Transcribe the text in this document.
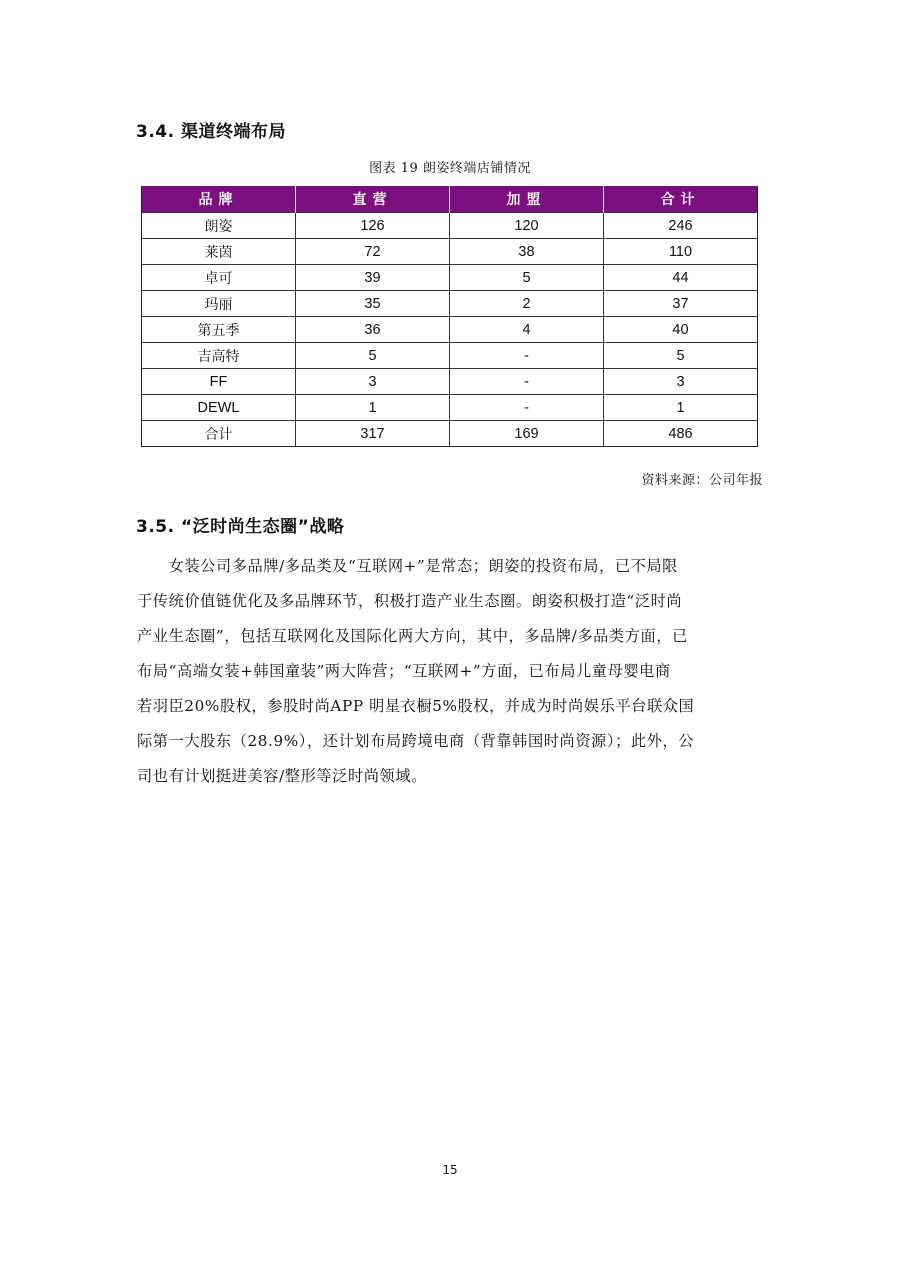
3.4. 渠道终端布局
图表 19 朗姿终端店铺情况
品牌	直营	加盟	合计
朗姿	126	120	246
莱茵	72	38	110
卓可	39	5	44
玛丽	35	2	37
第五季	36	4	40
吉高特	5	-	5
FF	3	-	3
DEWL	1	-	1
合计	317	169	486
资料来源：公司年报
3.5. “泛时尚生态圈”战略
　　女装公司多品牌/多品类及“互联网+”是常态；朗姿的投资布局，已不局限
于传统价值链优化及多品牌环节，积极打造产业生态圈。朗姿积极打造“泛时尚
产业生态圈”，包括互联网化及国际化两大方向，其中，多品牌/多品类方面，已
布局“高端女装+韩国童装”两大阵营；“互联网+”方面，已布局儿童母婴电商
若羽臣20%股权，参股时尚APP 明星衣橱5%股权，并成为时尚娱乐平台联众国
际第一大股东（28.9%），还计划布局跨境电商（背靠韩国时尚资源）；此外，公
司也有计划挺进美容/整形等泛时尚领域。
15
